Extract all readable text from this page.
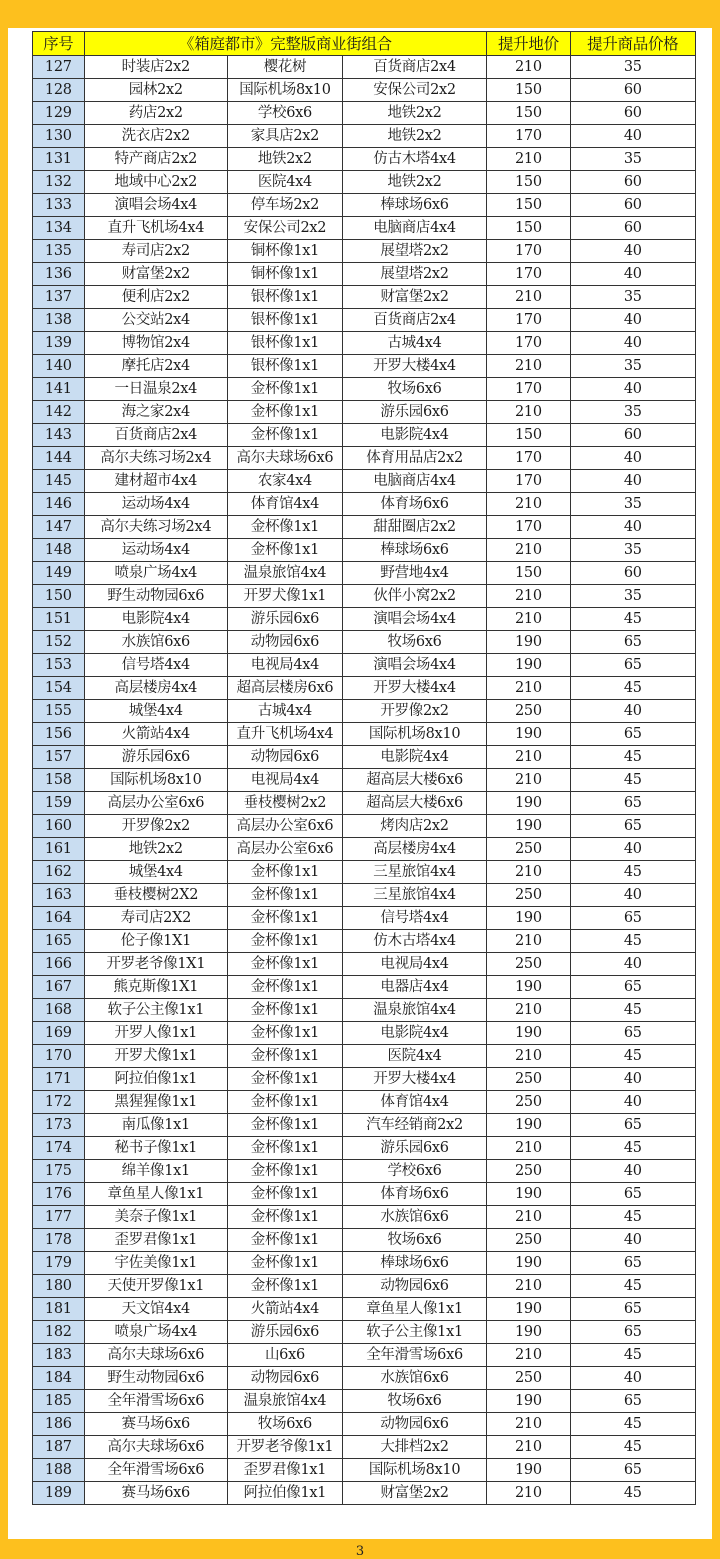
序号	《箱庭都市》完整版商业街组合			提升地价	提升商品价格
127	时装店2x2	樱花树	百货商店2x4	210	35
128	园林2x2	国际机场8x10	安保公司2x2	150	60
129	药店2x2	学校6x6	地铁2x2	150	60
130	洗衣店2x2	家具店2x2	地铁2x2	170	40
131	特产商店2x2	地铁2x2	仿古木塔4x4	210	35
132	地域中心2x2	医院4x4	地铁2x2	150	60
133	演唱会场4x4	停车场2x2	棒球场6x6	150	60
134	直升飞机场4x4	安保公司2x2	电脑商店4x4	150	60
135	寿司店2x2	铜杯像1x1	展望塔2x2	170	40
136	财富堡2x2	铜杯像1x1	展望塔2x2	170	40
137	便利店2x2	银杯像1x1	财富堡2x2	210	35
138	公交站2x4	银杯像1x1	百货商店2x4	170	40
139	博物馆2x4	银杯像1x1	古城4x4	170	40
140	摩托店2x4	银杯像1x1	开罗大楼4x4	210	35
141	一日温泉2x4	金杯像1x1	牧场6x6	170	40
142	海之家2x4	金杯像1x1	游乐园6x6	210	35
143	百货商店2x4	金杯像1x1	电影院4x4	150	60
144	高尔夫练习场2x4	高尔夫球场6x6	体育用品店2x2	170	40
145	建材超市4x4	农家4x4	电脑商店4x4	170	40
146	运动场4x4	体育馆4x4	体育场6x6	210	35
147	高尔夫练习场2x4	金杯像1x1	甜甜圈店2x2	170	40
148	运动场4x4	金杯像1x1	棒球场6x6	210	35
149	喷泉广场4x4	温泉旅馆4x4	野营地4x4	150	60
150	野生动物园6x6	开罗犬像1x1	伙伴小窝2x2	210	35
151	电影院4x4	游乐园6x6	演唱会场4x4	210	45
152	水族馆6x6	动物园6x6	牧场6x6	190	65
153	信号塔4x4	电视局4x4	演唱会场4x4	190	65
154	高层楼房4x4	超高层楼房6x6	开罗大楼4x4	210	45
155	城堡4x4	古城4x4	开罗像2x2	250	40
156	火箭站4x4	直升飞机场4x4	国际机场8x10	190	65
157	游乐园6x6	动物园6x6	电影院4x4	210	45
158	国际机场8x10	电视局4x4	超高层大楼6x6	210	45
159	高层办公室6x6	垂枝樱树2x2	超高层大楼6x6	190	65
160	开罗像2x2	高层办公室6x6	烤肉店2x2	190	65
161	地铁2x2	高层办公室6x6	高层楼房4x4	250	40
162	城堡4x4	金杯像1x1	三星旅馆4x4	210	45
163	垂枝樱树2X2	金杯像1x1	三星旅馆4x4	250	40
164	寿司店2X2	金杯像1x1	信号塔4x4	190	65
165	伦子像1X1	金杯像1x1	仿木古塔4x4	210	45
166	开罗老爷像1X1	金杯像1x1	电视局4x4	250	40
167	熊克斯像1X1	金杯像1x1	电器店4x4	190	65
168	软子公主像1x1	金杯像1x1	温泉旅馆4x4	210	45
169	开罗人像1x1	金杯像1x1	电影院4x4	190	65
170	开罗犬像1x1	金杯像1x1	医院4x4	210	45
171	阿拉伯像1x1	金杯像1x1	开罗大楼4x4	250	40
172	黑猩猩像1x1	金杯像1x1	体育馆4x4	250	40
173	南瓜像1x1	金杯像1x1	汽车经销商2x2	190	65
174	秘书子像1x1	金杯像1x1	游乐园6x6	210	45
175	绵羊像1x1	金杯像1x1	学校6x6	250	40
176	章鱼星人像1x1	金杯像1x1	体育场6x6	190	65
177	美奈子像1x1	金杯像1x1	水族馆6x6	210	45
178	歪罗君像1x1	金杯像1x1	牧场6x6	250	40
179	宇佐美像1x1	金杯像1x1	棒球场6x6	190	65
180	天使开罗像1x1	金杯像1x1	动物园6x6	210	45
181	天文馆4x4	火箭站4x4	章鱼星人像1x1	190	65
182	喷泉广场4x4	游乐园6x6	软子公主像1x1	190	65
183	高尔夫球场6x6	山6x6	全年滑雪场6x6	210	45
184	野生动物园6x6	动物园6x6	水族馆6x6	250	40
185	全年滑雪场6x6	温泉旅馆4x4	牧场6x6	190	65
186	赛马场6x6	牧场6x6	动物园6x6	210	45
187	高尔夫球场6x6	开罗老爷像1x1	大排档2x2	210	45
188	全年滑雪场6x6	歪罗君像1x1	国际机场8x10	190	65
189	赛马场6x6	阿拉伯像1x1	财富堡2x2	210	45
3
